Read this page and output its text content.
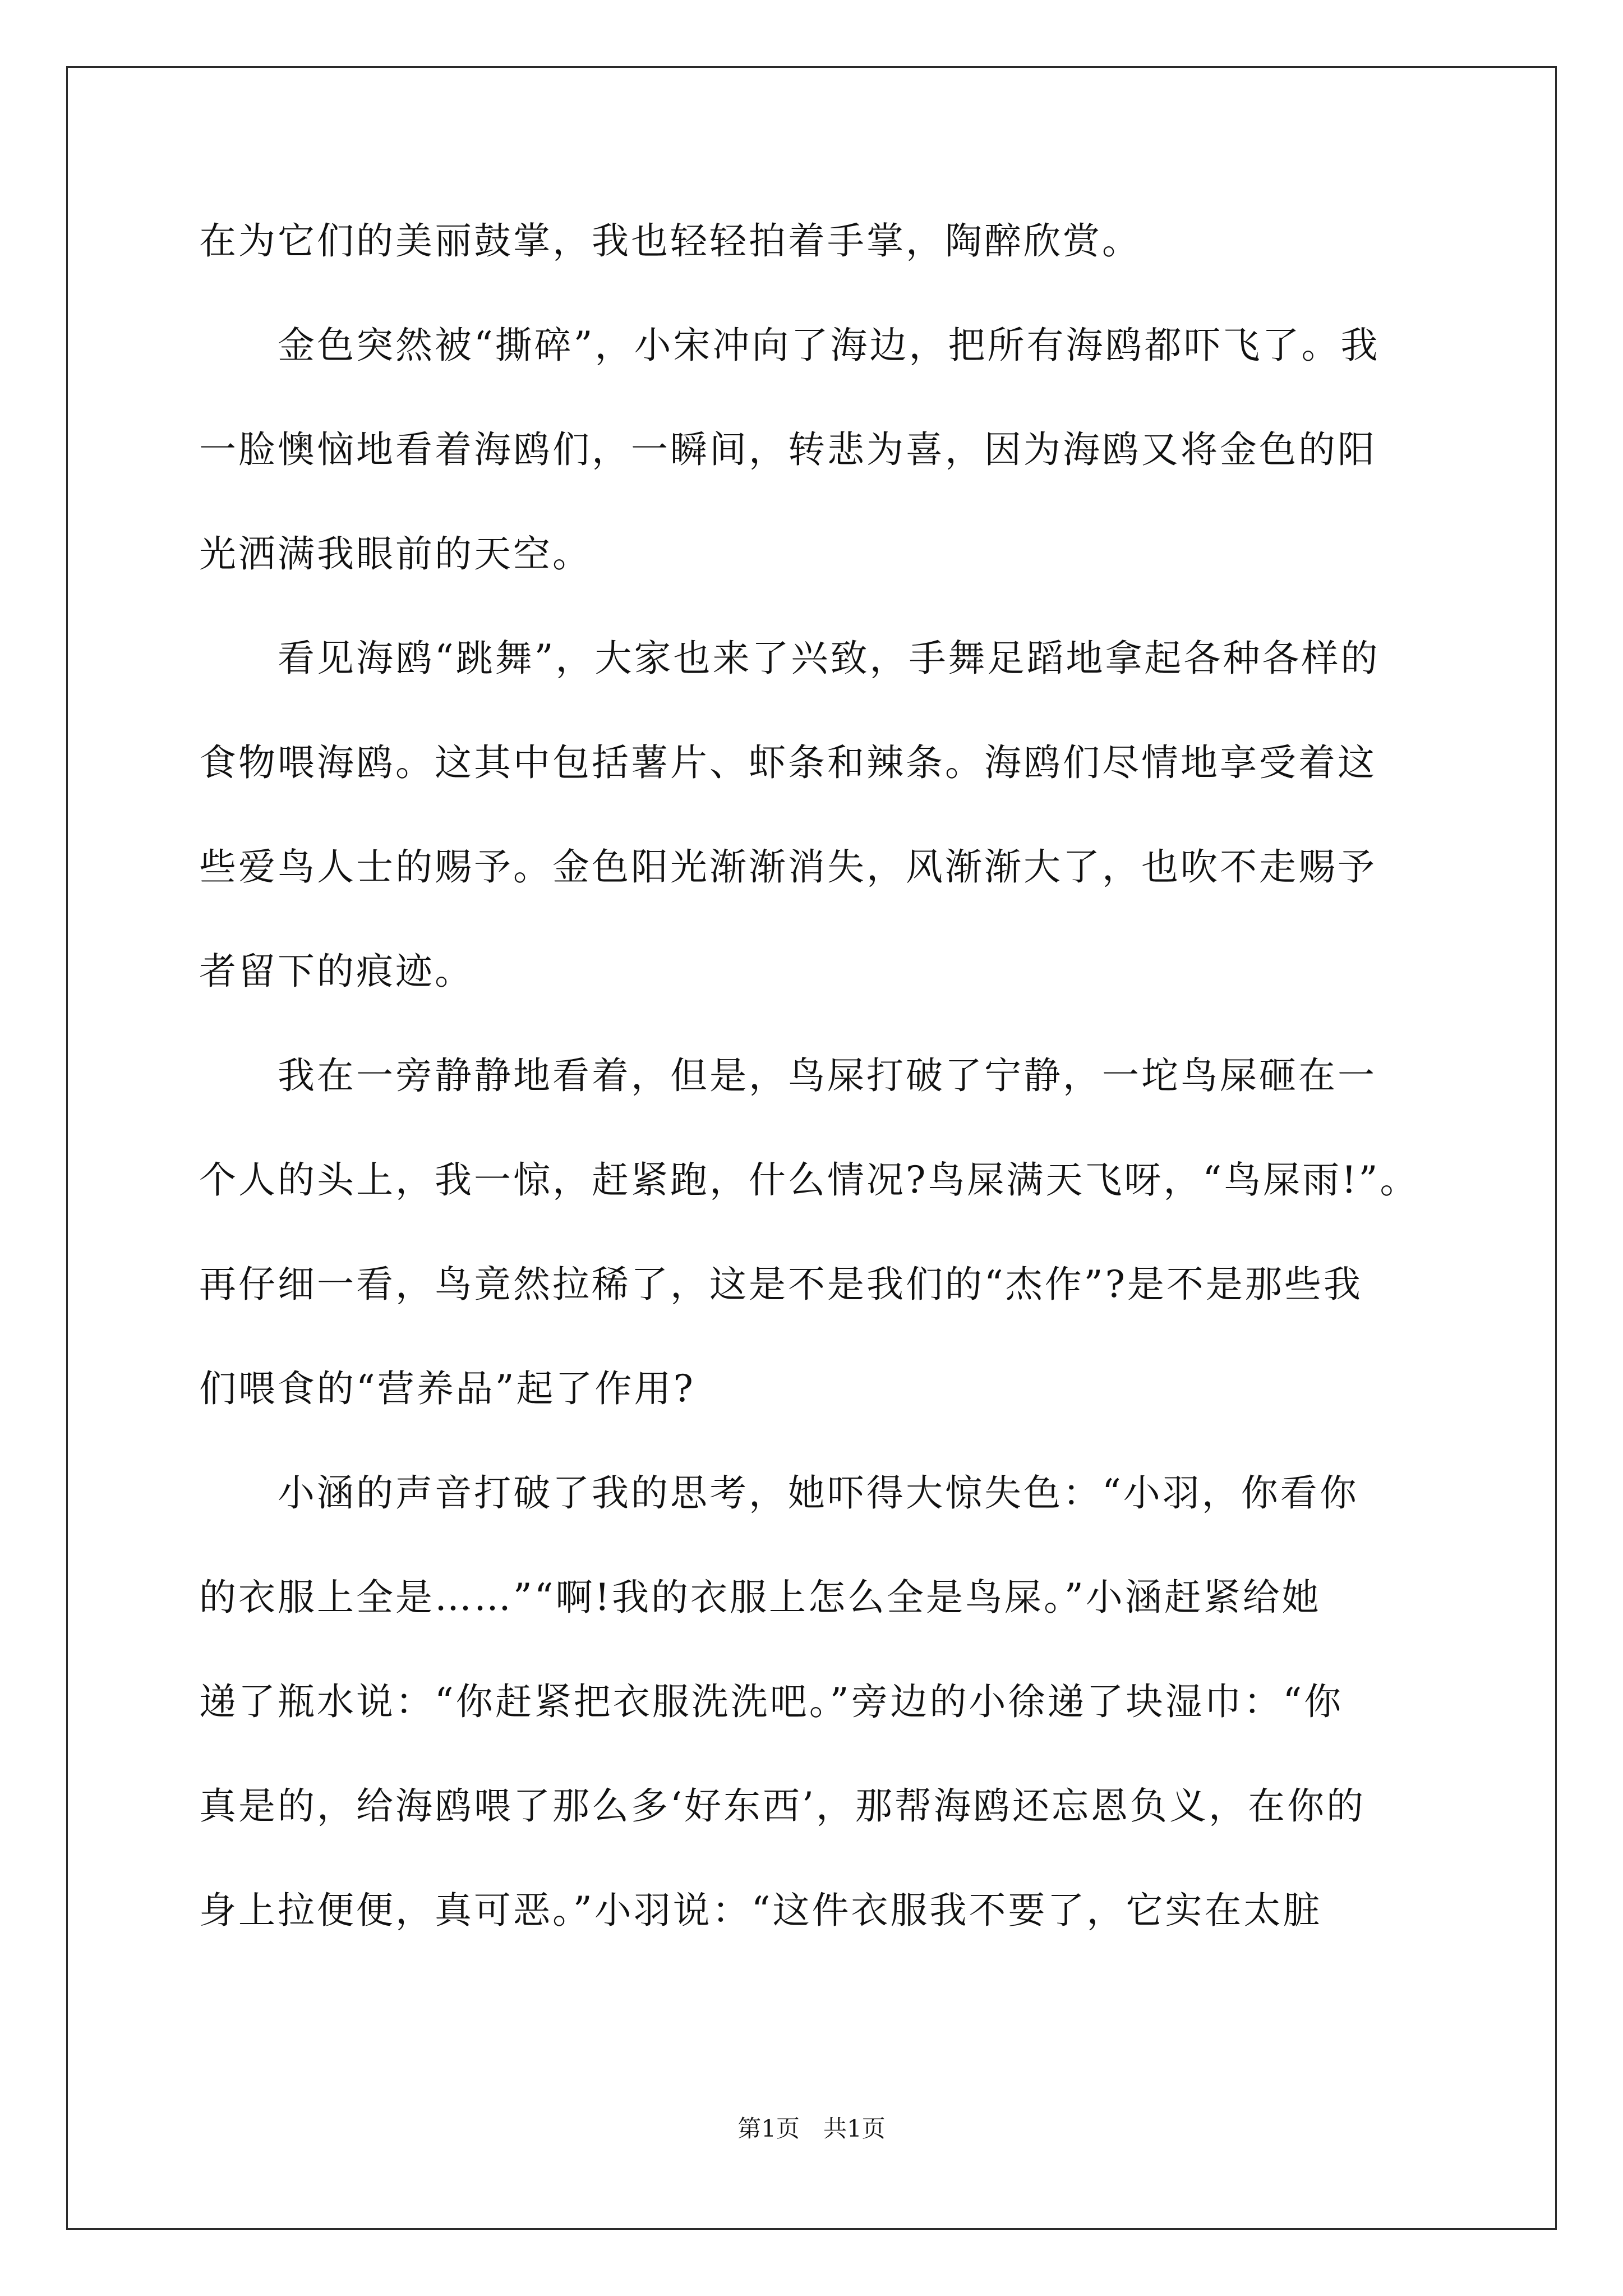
在为它们的美丽鼓掌，我也轻轻拍着手掌，陶醉欣赏。
　　金色突然被“撕碎”，小宋冲向了海边，把所有海鸥都吓飞了。我
一脸懊恼地看着海鸥们，一瞬间，转悲为喜，因为海鸥又将金色的阳
光洒满我眼前的天空。
　　看见海鸥“跳舞”，大家也来了兴致，手舞足蹈地拿起各种各样的
食物喂海鸥。这其中包括薯片、虾条和辣条。海鸥们尽情地享受着这
些爱鸟人士的赐予。金色阳光渐渐消失，风渐渐大了，也吹不走赐予
者留下的痕迹。
　　我在一旁静静地看着，但是，鸟屎打破了宁静，一坨鸟屎砸在一
个人的头上，我一惊，赶紧跑，什么情况?鸟屎满天飞呀，“鸟屎雨!”。
再仔细一看，鸟竟然拉稀了，这是不是我们的“杰作”?是不是那些我
们喂食的“营养品”起了作用?
　　小涵的声音打破了我的思考，她吓得大惊失色：“小羽，你看你
的衣服上全是……”“啊!我的衣服上怎么全是鸟屎。”小涵赶紧给她
递了瓶水说：“你赶紧把衣服洗洗吧。”旁边的小徐递了块湿巾：“你
真是的，给海鸥喂了那么多‘好东西’，那帮海鸥还忘恩负义，在你的
身上拉便便，真可恶。”小羽说：“这件衣服我不要了，它实在太脏
第1页　共1页
